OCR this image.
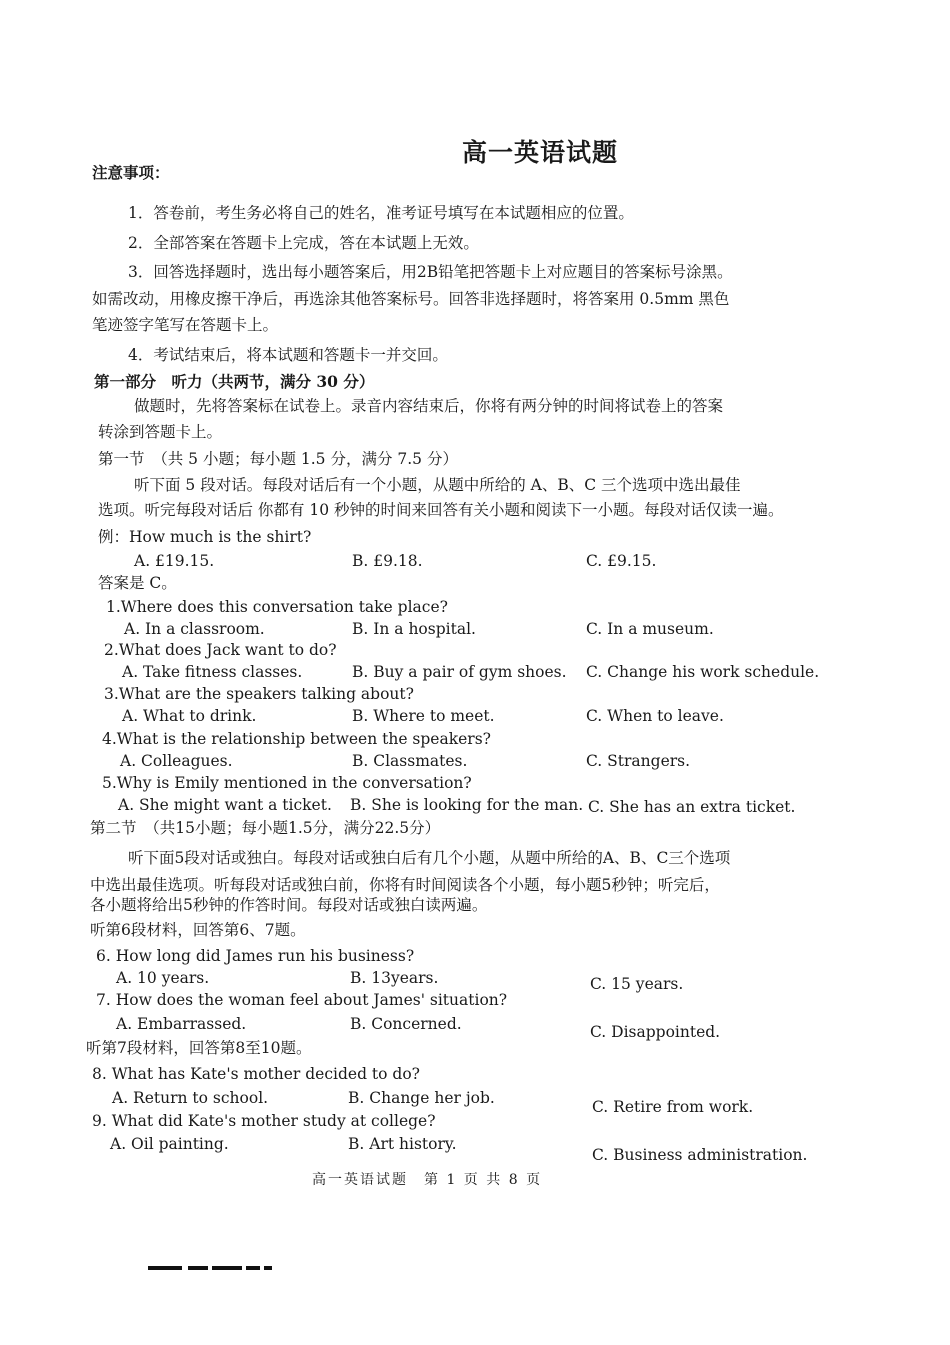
高一英语试题
注意事项：
1．答卷前，考生务必将自己的姓名，准考证号填写在本试题相应的位置。
2．全部答案在答题卡上完成，答在本试题上无效。
3．回答选择题时，选出每小题答案后，用2B铅笔把答题卡上对应题目的答案标号涂黑。
如需改动，用橡皮擦干净后，再选涂其他答案标号。回答非选择题时，将答案用 0.5mm 黑色
笔迹签字笔写在答题卡上。
4．考试结束后，将本试题和答题卡一并交回。
第一部分　听力（共两节，满分 30 分）
做题时，先将答案标在试卷上。录音内容结束后，你将有两分钟的时间将试卷上的答案
转涂到答题卡上。
第一节　（共 5 小题；每小题 1.5 分，满分 7.5 分）
听下面 5 段对话。每段对话后有一个小题，从题中所给的 A、B、C 三个选项中选出最佳
选项。听完每段对话后 你都有 10 秒钟的时间来回答有关小题和阅读下一小题。每段对话仅读一遍。
例：How much is the shirt?
A. £19.15.	B. £9.18.	C. £9.15.
答案是 C。
1.Where does this conversation take place?
A. In a classroom.	B. In a hospital.	C. In a museum.
2.What does Jack want to do?
A. Take fitness classes.	B. Buy a pair of gym shoes. C. Change his work schedule.
3.What are the speakers talking about?
A. What to drink.	B. Where to meet.	C. When to leave.
4.What is the relationship between the speakers?
A. Colleagues.	B. Classmates.	C. Strangers.
5.Why is Emily mentioned in the conversation?
A. She might want a ticket. B. She is looking for the man. C. She has an extra ticket.
第二节　（共15小题；每小题1.5分，满分22.5分）
听下面5段对话或独白。每段对话或独白后有几个小题，从题中所给的A、B、C三个选项
中选出最佳选项。听每段对话或独白前，你将有时间阅读各个小题，每小题5秒钟；听完后，
各小题将给出5秒钟的作答时间。每段对话或独白读两遍。
听第6段材料，回答第6、7题。
6. How long did James run his business?
A. 10 years.	B. 13years.	C. 15 years.
7. How does the woman feel about James' situation?
A. Embarrassed.	B. Concerned.	C. Disappointed.
听第7段材料，回答第8至10题。
8. What has Kate's mother decided to do?
A. Return to school.	B. Change her job.	C. Retire from work.
9. What did Kate's mother study at college?
A. Oil painting.	B. Art history.
C. Business administration.
高一英语试题　第 1 页 共 8 页
